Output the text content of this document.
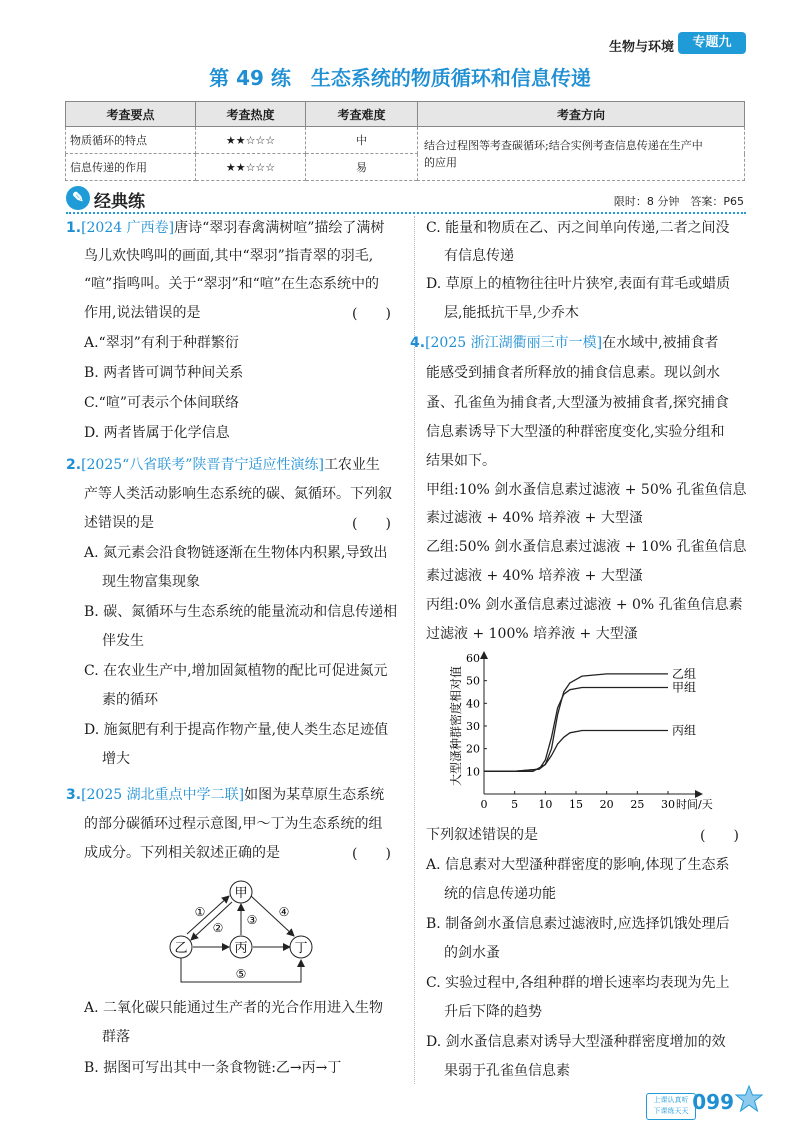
生物与环境	专题九
第 49 练　生态系统的物质循环和信息传递
考查要点	考查热度	考查难度	考查方向
物质循环的特点	★★☆☆☆	中	结合过程图等考查碳循环;结合实例考查信息传递在生产中
的应用
信息传递的作用	★★☆☆☆	易	
✎ 经典练	限时：8 分钟　答案：P65
1.[2024 广西卷]唐诗“翠羽春禽满树喧”描绘了满树
鸟儿欢快鸣叫的画面,其中“翠羽”指青翠的羽毛,
“喧”指鸣叫。关于“翠羽”和“喧”在生态系统中的
作用,说法错误的是	(　　)
A.“翠羽”有利于种群繁衍
B. 两者皆可调节种间关系
C.“喧”可表示个体间联络
D. 两者皆属于化学信息
2.[2025“八省联考”陕晋青宁适应性演练]工农业生
产等人类活动影响生态系统的碳、氮循环。下列叙
述错误的是	(　　)
A. 氮元素会沿食物链逐渐在生物体内积累,导致出
现生物富集现象
B. 碳、氮循环与生态系统的能量流动和信息传递相
伴发生
C. 在农业生产中,增加固氮植物的配比可促进氮元
素的循环
D. 施氮肥有利于提高作物产量,使人类生态足迹值
增大
3.[2025 湖北重点中学二联]如图为某草原生态系统
的部分碳循环过程示意图,甲～丁为生态系统的组
成成分。下列相关叙述正确的是	(　　)
甲
乙	丙	丁
①
②
③
④
⑤
A. 二氧化碳只能通过生产者的光合作用进入生物
群落
B. 据图可写出其中一条食物链:乙→丙→丁
C. 能量和物质在乙、丙之间单向传递,二者之间没
有信息传递
D. 草原上的植物往往叶片狭窄,表面有茸毛或蜡质
层,能抵抗干旱,少乔木
4.[2025 浙江湖衢丽三市一模]在水域中,被捕食者
能感受到捕食者所释放的捕食信息素。现以剑水
蚤、孔雀鱼为捕食者,大型溞为被捕食者,探究捕食
信息素诱导下大型溞的种群密度变化,实验分组和
结果如下。
甲组:10% 剑水蚤信息素过滤液 + 50% 孔雀鱼信息
素过滤液 + 40% 培养液 + 大型溞
乙组:50% 剑水蚤信息素过滤液 + 10% 孔雀鱼信息
素过滤液 + 40% 培养液 + 大型溞
丙组:0% 剑水蚤信息素过滤液 + 0% 孔雀鱼信息素
过滤液 + 100% 培养液 + 大型溞
大型溞种群密度相对值
时间/天
0 5 10 15 20 25 30
10
20
30
40
50
60
乙组
甲组
丙组
下列叙述错误的是	(　　)
A. 信息素对大型溞种群密度的影响,体现了生态系
统的信息传递功能
B. 制备剑水蚤信息素过滤液时,应选择饥饿处理后
的剑水蚤
C. 实验过程中,各组种群的增长速率均表现为先上
升后下降的趋势
D. 剑水蚤信息素对诱导大型溞种群密度增加的效
果弱于孔雀鱼信息素
上课认真听
下课练天天 099
